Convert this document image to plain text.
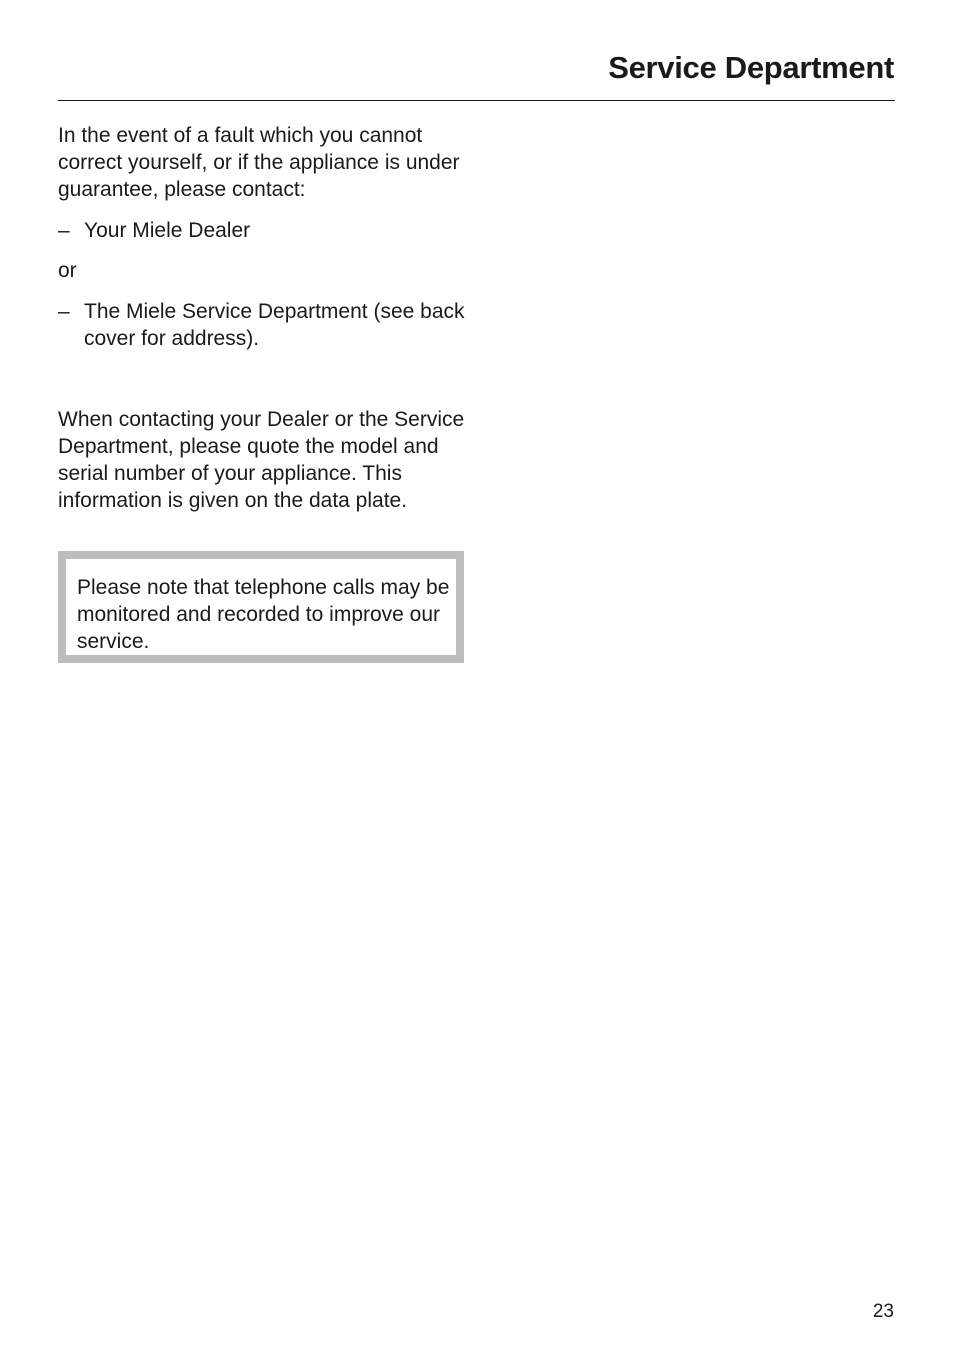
Service Department

In the event of a fault which you cannot correct yourself, or if the appliance is under guarantee, please contact:

– Your Miele Dealer

or

– The Miele Service Department (see back cover for address).

When contacting your Dealer or the Service Department, please quote the model and serial number of your appliance. This information is given on the data plate.

Please note that telephone calls may be monitored and recorded to improve our service.

23
